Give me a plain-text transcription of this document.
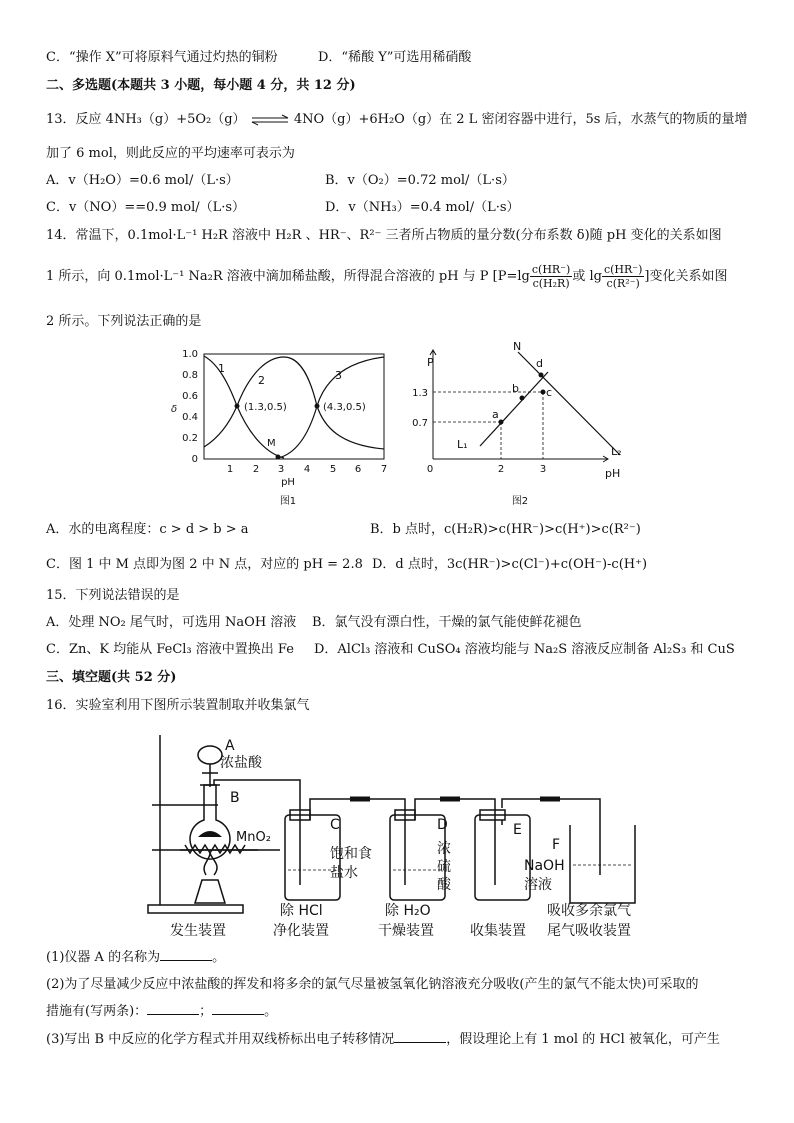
C．“操作 X”可将原料气通过灼热的铜粉	D．“稀酸 Y”可选用稀硝酸
二、多选题(本题共 3 小题，每小题 4 分，共 12 分)
13．反应 4NH₃（g）+5O₂（g） ⇌ 4NO（g）+6H₂O（g）在 2 L 密闭容器中进行，5s 后，水蒸气的物质的量增
加了 6 mol，则此反应的平均速率可表示为
A．v（H₂O）=0.6 mol/（L·s）	B．v（O₂）=0.72 mol/（L·s）
C．v（NO）==0.9 mol/（L·s）	D．v（NH₃）=0.4 mol/（L·s）
14．常温下，0.1mol·L⁻¹ H₂R 溶液中 H₂R 、HR⁻、R²⁻ 三者所占物质的量分数(分布系数 δ)随 pH 变化的关系如图
1 所示，向 0.1mol·L⁻¹ Na₂R 溶液中滴加稀盐酸，所得混合溶液的 pH 与 P [$P=\lg \frac{c(HR^-)}{\text{c(H₂R)}}$ 或 $\lg \frac{c(HR^-)}{\text{c(R²⁻)}}$ ]变化关系如图
2 所示。下列说法正确的是
0
0.2
0.4
0.6
0.8
1.0
1 2 3 4 5 6 7
pH
δ
图1
1
2	3
(1.3,0.5)	(4.3,0.5)
M
P
pH
0	2	3
1.3
0.7
N
a
b c
d
L₁
L₂
图2
A．水的电离程度：c > d > b > a	B．b 点时，c(H₂R)>c(HR⁻)>c(H⁺)>c(R²⁻)
C．图 1 中 M 点即为图 2 中 N 点，对应的 pH = 2.8 D．d 点时，3c(HR⁻)>c(Cl⁻)+c(OH⁻)-c(H⁺)
15．下列说法错误的是
A．处理 NO₂ 尾气时，可选用 NaOH 溶液 B．氯气没有漂白性，干燥的氯气能使鲜花褪色
C．Zn、K 均能从 FeCl₃ 溶液中置换出 Fe D．AlCl₃ 溶液和 CuSO₄ 溶液均能与 Na₂S 溶液反应制备 Al₂S₃ 和 CuS
三、填空题(共 52 分)
16．实验室利用下图所示装置制取并收集氯气
A
浓盐酸
B
MnO₂
C
饱和食
盐水
D
浓
硫
酸
E
F
NaOH
溶液
发生装置
除 HCl
净化装置
除 H₂O
干燥装置	收集装置
吸收多余氯气
尾气吸收装置
(1)仪器 A 的名称为	。
(2)为了尽量减少反应中浓盐酸的挥发和将多余的氯气尽量被氢氧化钠溶液充分吸收(产生的氯气不能太快)可采取的
措施有(写两条)：	；	。
(3)写出 B 中反应的化学方程式并用双线桥标出电子转移情况	，假设理论上有 1 mol 的 HCl 被氧化，可产生
